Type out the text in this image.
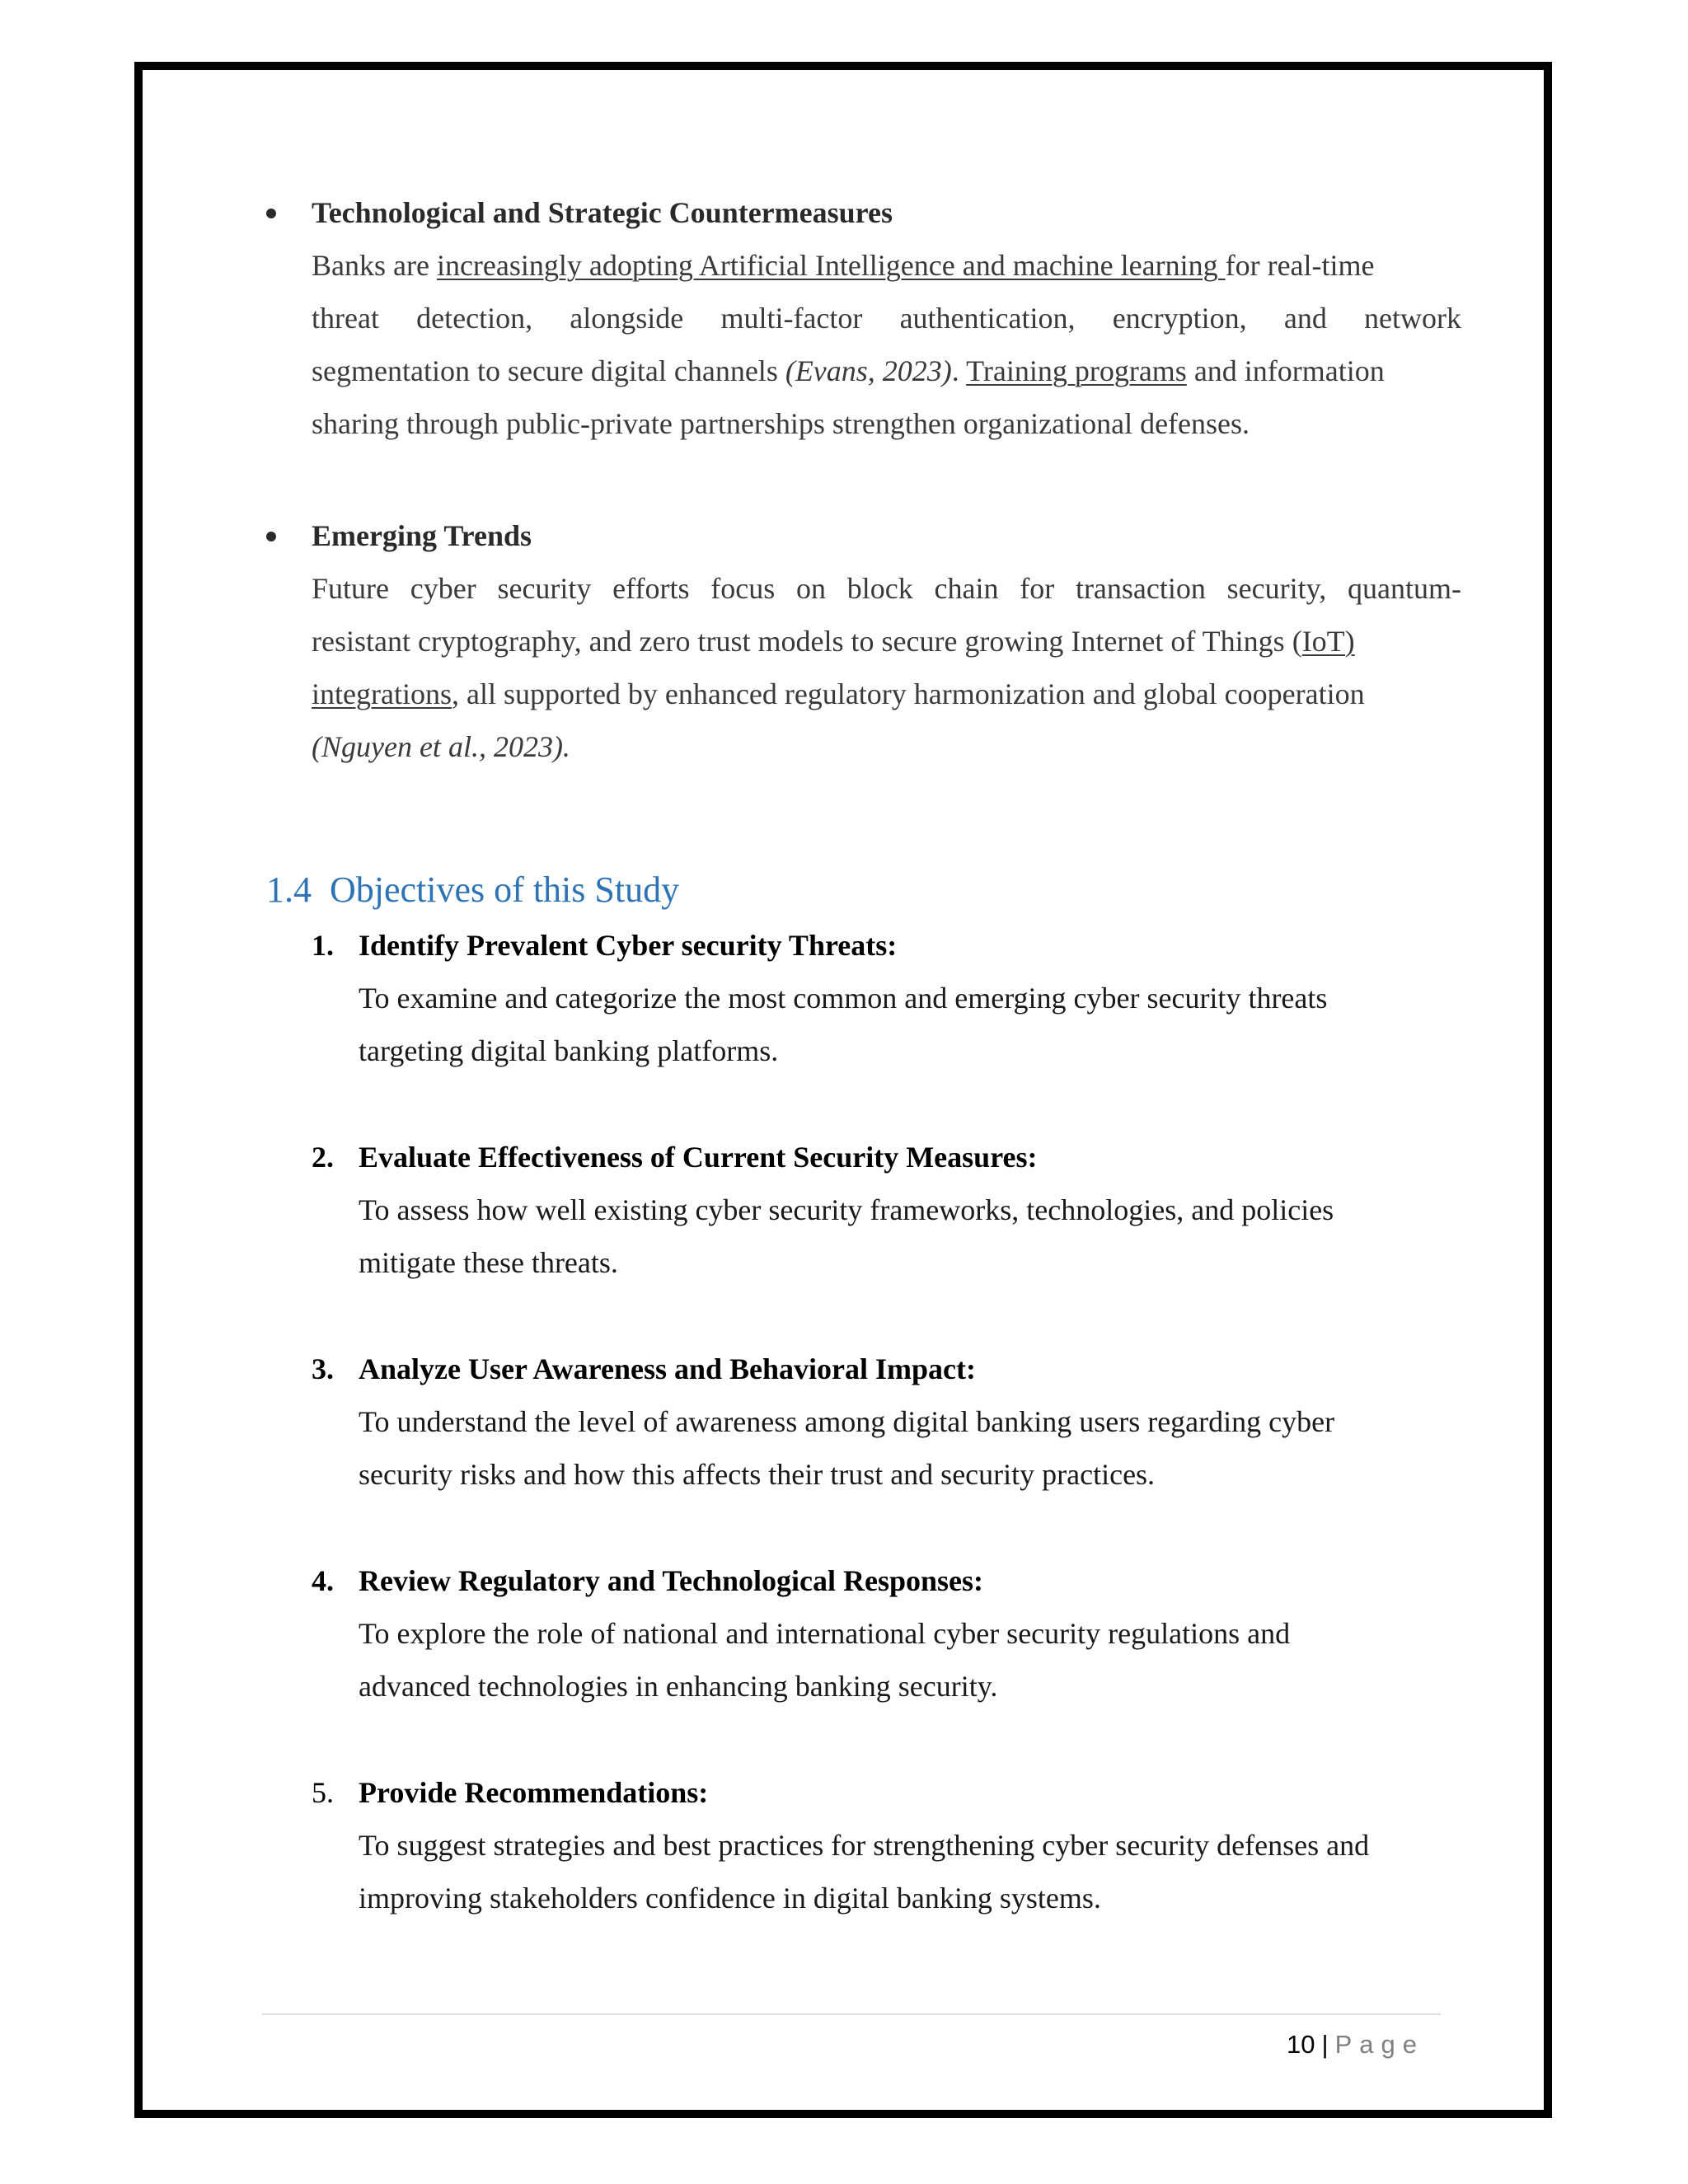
Technological and Strategic Countermeasures
Banks are increasingly adopting Artificial Intelligence and machine learning for real-time
threat detection, alongside multi-factor authentication, encryption, and network
segmentation to secure digital channels (Evans, 2023). Training programs and information
sharing through public-private partnerships strengthen organizational defenses.
Emerging Trends
Future cyber security efforts focus on block chain for transaction security, quantum-
resistant cryptography, and zero trust models to secure growing Internet of Things (IoT)
integrations, all supported by enhanced regulatory harmonization and global cooperation
(Nguyen et al., 2023).
1.4 Objectives of this Study
1. Identify Prevalent Cyber security Threats:
To examine and categorize the most common and emerging cyber security threats
targeting digital banking platforms.
2. Evaluate Effectiveness of Current Security Measures:
To assess how well existing cyber security frameworks, technologies, and policies
mitigate these threats.
3. Analyze User Awareness and Behavioral Impact:
To understand the level of awareness among digital banking users regarding cyber
security risks and how this affects their trust and security practices.
4. Review Regulatory and Technological Responses:
To explore the role of national and international cyber security regulations and
advanced technologies in enhancing banking security.
5. Provide Recommendations:
To suggest strategies and best practices for strengthening cyber security defenses and
improving stakeholders confidence in digital banking systems.
10 | Page
